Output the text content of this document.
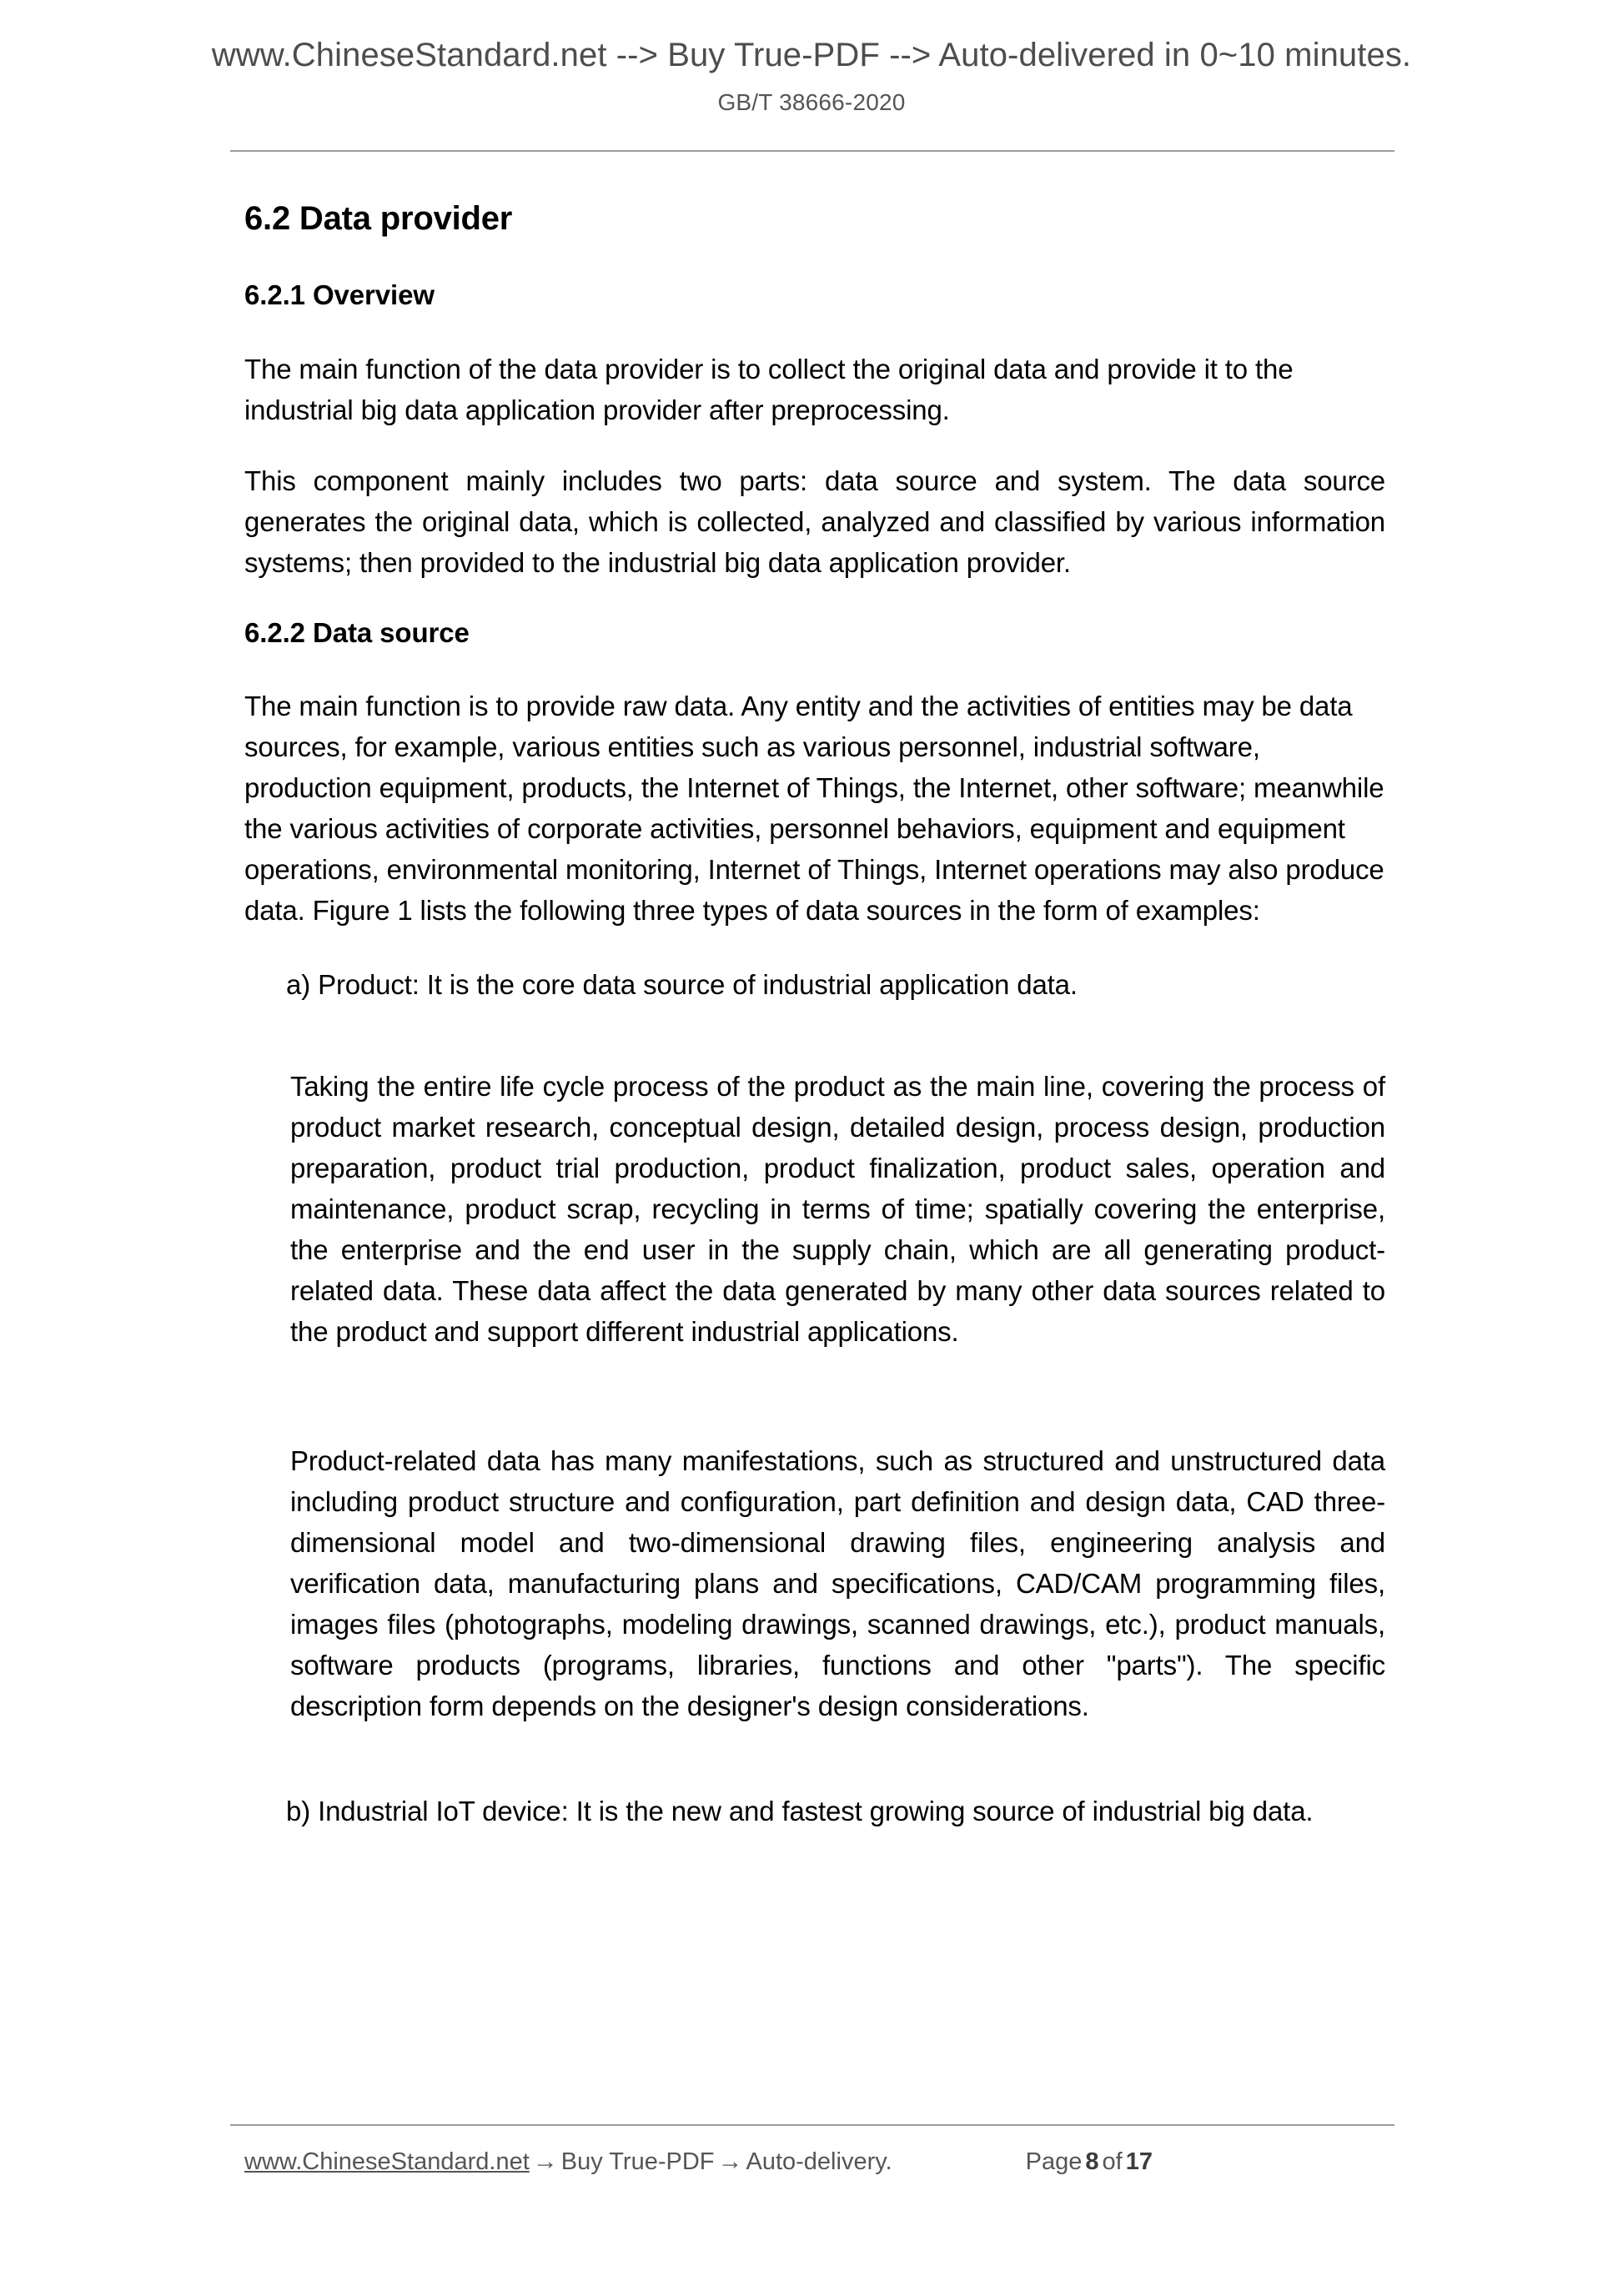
www.ChineseStandard.net --> Buy True-PDF --> Auto-delivered in 0~10 minutes.
GB/T 38666-2020
6.2 Data provider
6.2.1 Overview

The main function of the data provider is to collect the original data and provide it to the industrial big data application provider after preprocessing.

This component mainly includes two parts: data source and system. The data source generates the original data, which is collected, analyzed and classified by various information systems; then provided to the industrial big data application provider.

6.2.2 Data source

The main function is to provide raw data. Any entity and the activities of entities may be data sources, for example, various entities such as various personnel, industrial software, production equipment, products, the Internet of Things, the Internet, other software; meanwhile the various activities of corporate activities, personnel behaviors, equipment and equipment operations, environmental monitoring, Internet of Things, Internet operations may also produce data. Figure 1 lists the following three types of data sources in the form of examples:

a) Product: It is the core data source of industrial application data.

Taking the entire life cycle process of the product as the main line, covering the process of product market research, conceptual design, detailed design, process design, production preparation, product trial production, product finalization, product sales, operation and maintenance, product scrap, recycling in terms of time; spatially covering the enterprise, the enterprise and the end user in the supply chain, which are all generating product-related data. These data affect the data generated by many other data sources related to the product and support different industrial applications.

Product-related data has many manifestations, such as structured and unstructured data including product structure and configuration, part definition and design data, CAD three-dimensional model and two-dimensional drawing files, engineering analysis and verification data, manufacturing plans and specifications, CAD/CAM programming files, images files (photographs, modeling drawings, scanned drawings, etc.), product manuals, software products (programs, libraries, functions and other "parts"). The specific description form depends on the designer's design considerations.

b) Industrial IoT device: It is the new and fastest growing source of industrial big data.
www.ChineseStandard.net → Buy True-PDF → Auto-delivery.	Page 8 of 17
